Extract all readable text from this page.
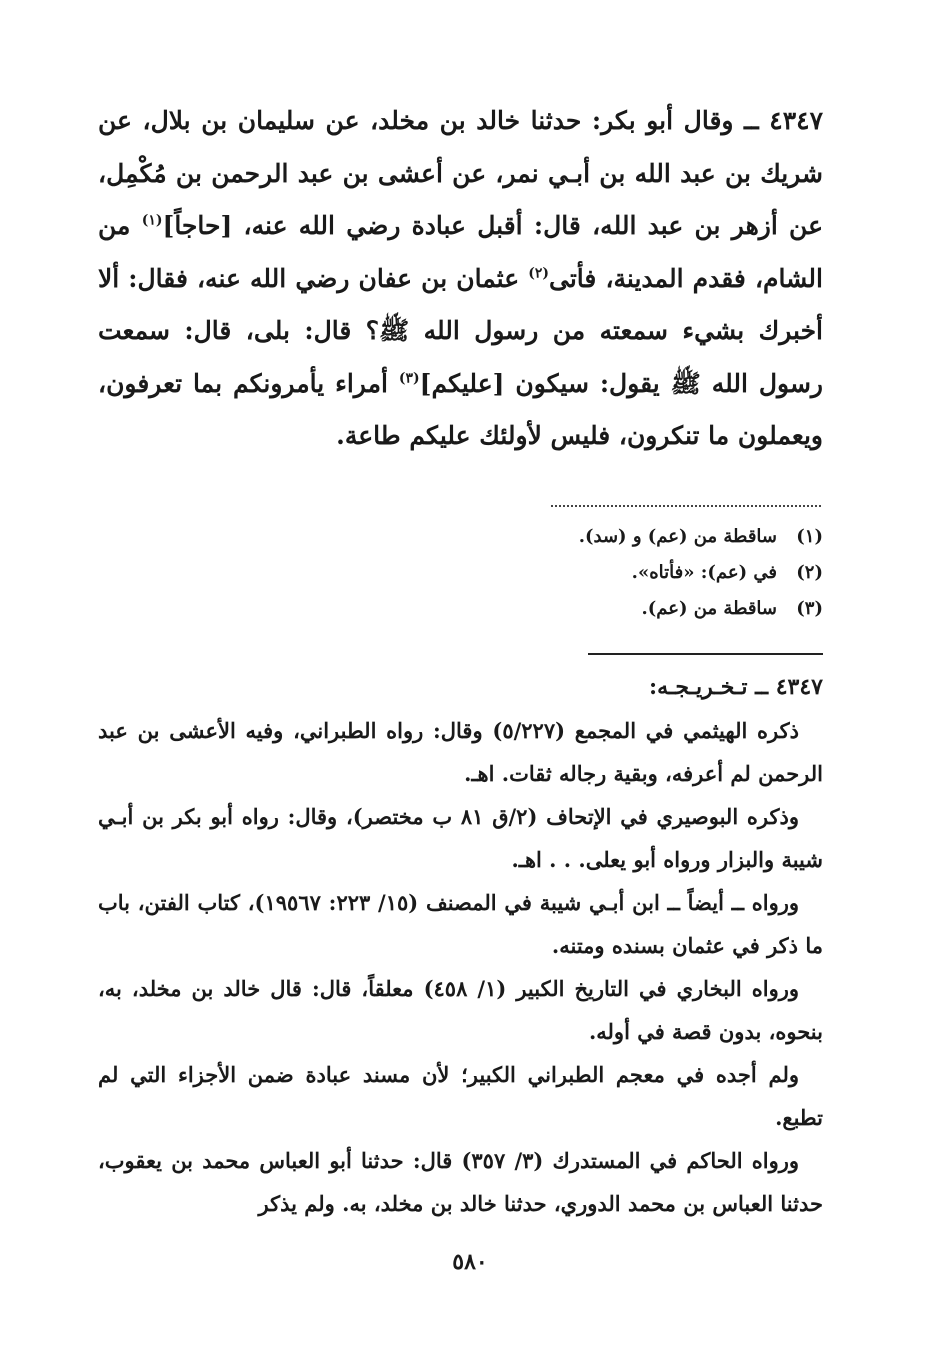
٤٣٤٧ ــ وقال أبو بكر: حدثنا خالد بن مخلد، عن سليمان بن بلال، عن شريك بن عبد الله بن أبـي نمر، عن أعشى بن عبد الرحمن بن مُكْمِل، عن أزهر بن عبد الله، قال: أقبل عبادة رضي الله عنه، [حاجاً]$^{(١)}$ من الشام، فقدم المدينة، فأتى$^{(٢)}$ عثمان بن عفان رضي الله عنه، فقال: ألا أخبرك بشيء سمعته من رسول الله ﷺ؟ قال: بلى، قال: سمعت رسول الله ﷺ يقول: سيكون [عليكم]$^{(٣)}$ أمراء يأمرونكم بما تعرفون، ويعملون ما تنكرون، فليس لأولئك عليكم طاعة.

(١)
ساقطة من (عم) و (سد).
(٢)
في (عم): «فأتاه».
(٣)
ساقطة من (عم).
٤٣٤٧ ــ تـخـريـجـه:

ذكره الهيثمي في المجمع (٥/٢٢٧) وقال: رواه الطبراني، وفيه الأعشى بن عبد الرحمن لم أعرفه، وبقية رجاله ثقات. اهـ.

وذكره البوصيري في الإتحاف (٢/ق ٨١ ب مختصر)، وقال: رواه أبو بكر بن أبـي شيبة والبزار ورواه أبو يعلى. . . اهـ.

ورواه ــ أيضاً ــ ابن أبـي شيبة في المصنف (١٥/ ٢٢٣: ١٩٥٦٧)، كتاب الفتن، باب ما ذكر في عثمان بسنده ومتنه.

ورواه البخاري في التاريخ الكبير (١/ ٤٥٨) معلقاً، قال: قال خالد بن مخلد، به، بنحوه، بدون قصة في أوله.

ولم أجده في معجم الطبراني الكبير؛ لأن مسند عبادة ضمن الأجزاء التي لم تطبع.

ورواه الحاكم في المستدرك (٣/ ٣٥٧) قال: حدثنا أبو العباس محمد بن يعقوب، حدثنا العباس بن محمد الدوري، حدثنا خالد بن مخلد، به. ولم يذكر

٥٨٠
